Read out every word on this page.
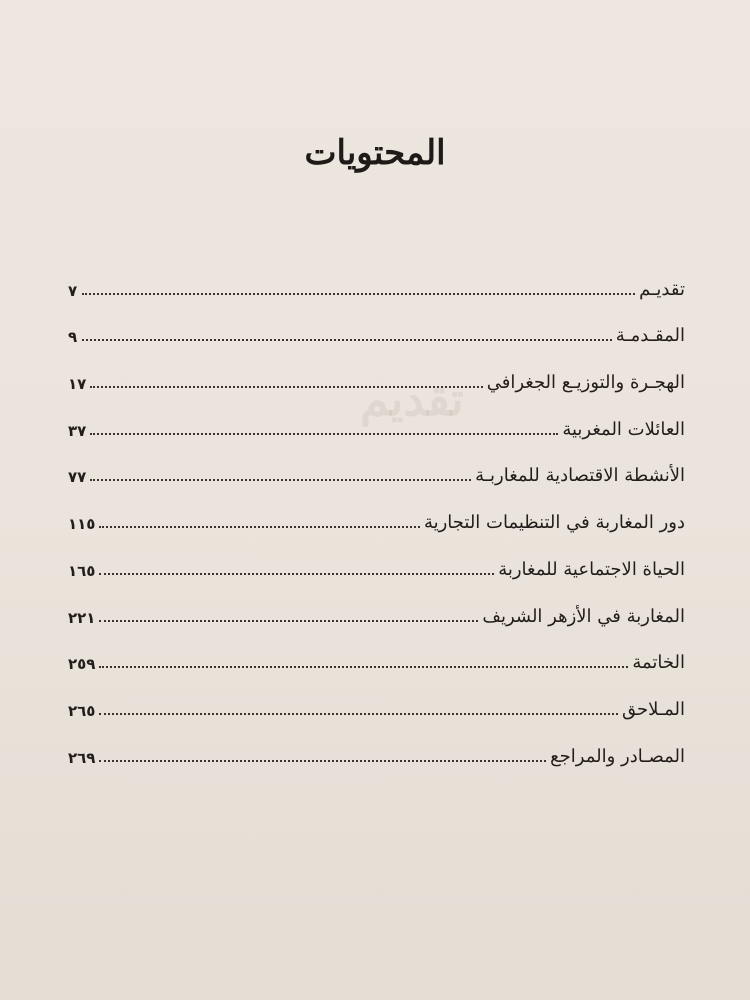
تقديم
المحتويات
تقديـم
٧
المقـدمـة
٩
الهجـرة والتوزيـع الجغرافي
١٧
العائلات المغربية
٣٧
الأنشطة الاقتصادية للمغاربـة
٧٧
دور المغاربة في التنظيمات التجارية
١١٥
الحياة الاجتماعية للمغاربة
١٦٥
المغاربة في الأزهر الشريف
٢٢١
الخاتمة
٢٥٩
المـلاحق
٢٦٥
المصـادر والمراجع
٢٦٩
